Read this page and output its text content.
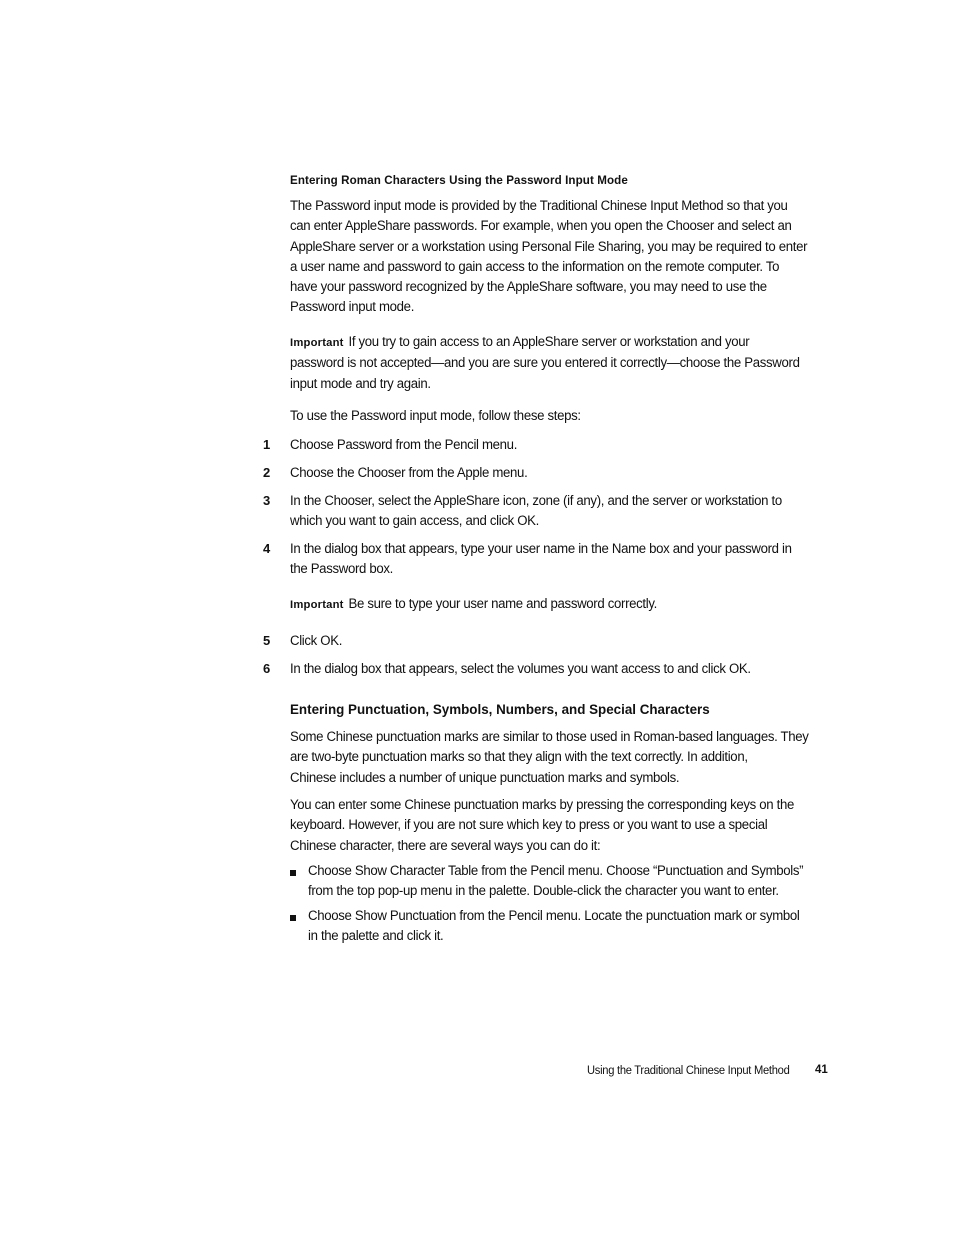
Entering Roman Characters Using the Password Input Mode
The Password input mode is provided by the Traditional Chinese Input Method so that you
can enter AppleShare passwords. For example, when you open the Chooser and select an
AppleShare server or a workstation using Personal File Sharing, you may be required to enter
a user name and password to gain access to the information on the remote computer. To
have your password recognized by the AppleShare software, you may need to use the
Password input mode.
Important If you try to gain access to an AppleShare server or workstation and your
password is not accepted—and you are sure you entered it correctly—choose the Password
input mode and try again.
To use the Password input mode, follow these steps:
1 Choose Password from the Pencil menu.
2 Choose the Chooser from the Apple menu.
3 In the Chooser, select the AppleShare icon, zone (if any), and the server or workstation to
which you want to gain access, and click OK.
4 In the dialog box that appears, type your user name in the Name box and your password in
the Password box.
Important Be sure to type your user name and password correctly.
5 Click OK.
6 In the dialog box that appears, select the volumes you want access to and click OK.
Entering Punctuation, Symbols, Numbers, and Special Characters
Some Chinese punctuation marks are similar to those used in Roman-based languages. They
are two-byte punctuation marks so that they align with the text correctly. In addition,
Chinese includes a number of unique punctuation marks and symbols.
You can enter some Chinese punctuation marks by pressing the corresponding keys on the
keyboard. However, if you are not sure which key to press or you want to use a special
Chinese character, there are several ways you can do it:
Choose Show Character Table from the Pencil menu. Choose “Punctuation and Symbols”
from the top pop-up menu in the palette. Double-click the character you want to enter.
Choose Show Punctuation from the Pencil menu. Locate the punctuation mark or symbol
in the palette and click it.
Using the Traditional Chinese Input Method 41
